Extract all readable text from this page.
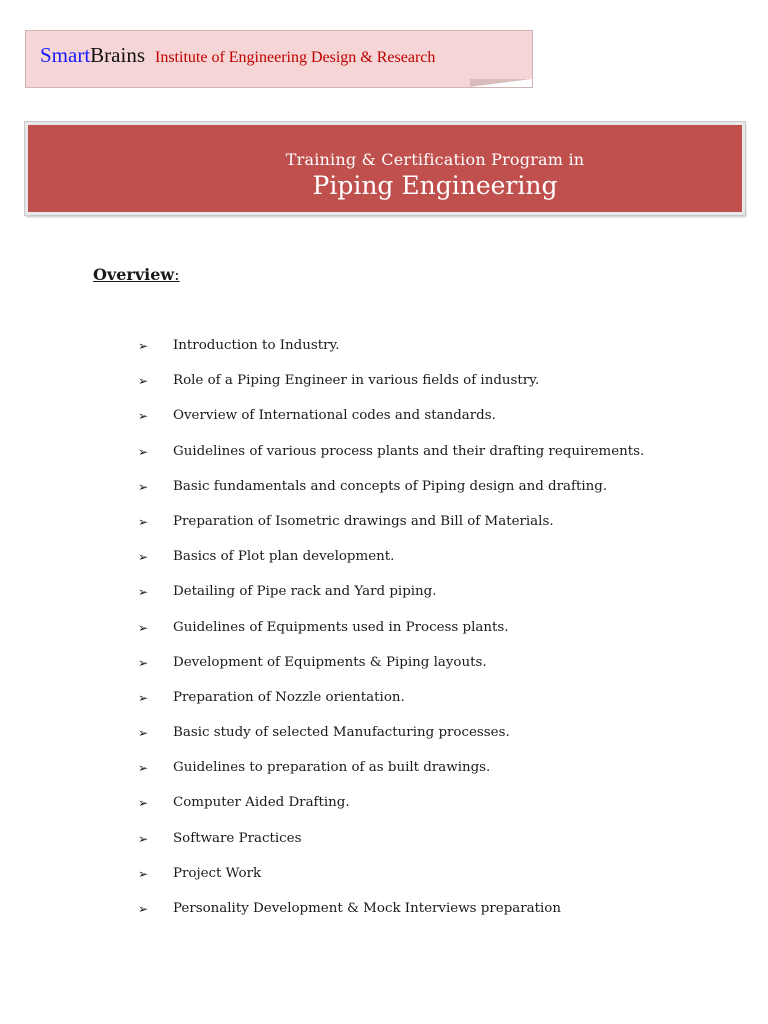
SmartBrains Institute of Engineering Design & Research
Training & Certification Program in
Piping Engineering
Overview:
➢ Introduction to Industry.
➢ Role of a Piping Engineer in various fields of industry.
➢ Overview of International codes and standards.
➢ Guidelines of various process plants and their drafting requirements.
➢ Basic fundamentals and concepts of Piping design and drafting.
➢ Preparation of Isometric drawings and Bill of Materials.
➢ Basics of Plot plan development.
➢ Detailing of Pipe rack and Yard piping.
➢ Guidelines of Equipments used in Process plants.
➢ Development of Equipments & Piping layouts.
➢ Preparation of Nozzle orientation.
➢ Basic study of selected Manufacturing processes.
➢ Guidelines to preparation of as built drawings.
➢ Computer Aided Drafting.
➢ Software Practices
➢ Project Work
➢ Personality Development & Mock Interviews preparation
